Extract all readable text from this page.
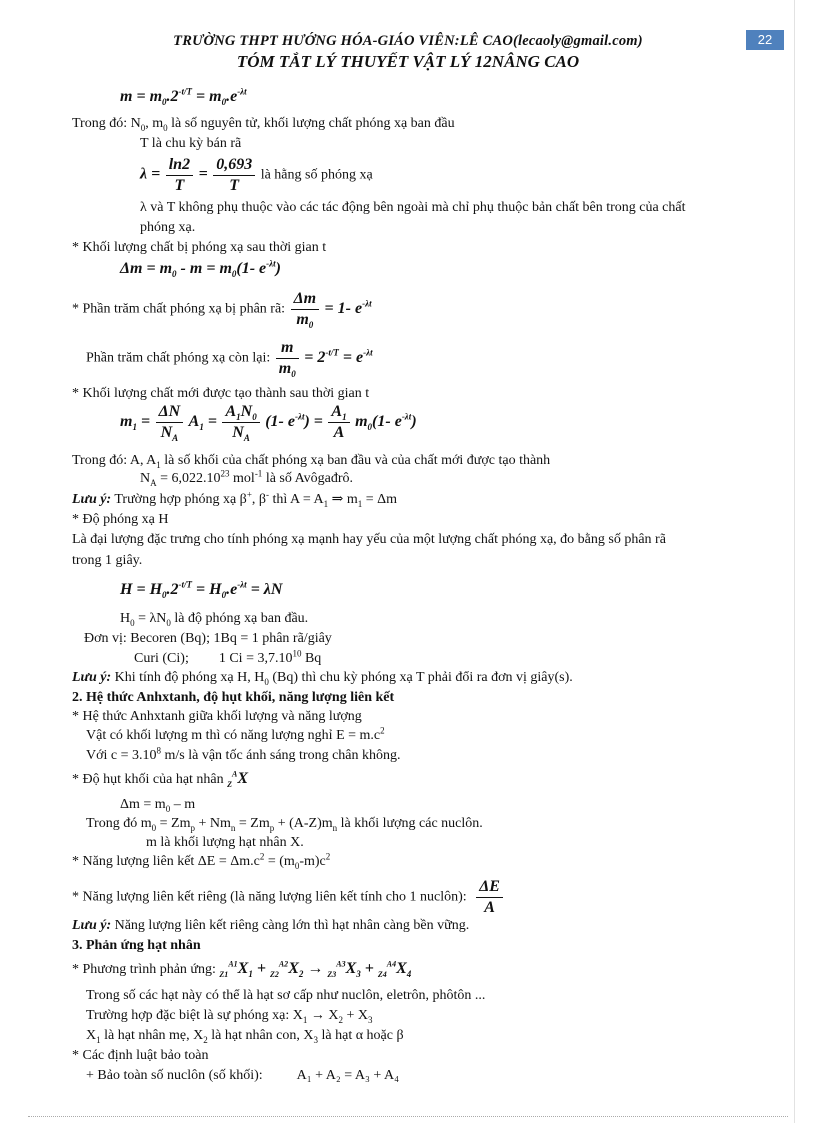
TRƯỜNG THPT HƯỚNG HÓA-GIÁO VIÊN:LÊ CAO(lecaoly@gmail.com)
TÓM TẮT LÝ THUYẾT VẬT LÝ 12NÂNG CAO
22
$m = m_0.2^{-t/T} = m_0.e^{-\lambda t}$
Trong đó: $N_0$, $m_0$ là số nguyên tử, khối lượng chất phóng xạ ban đầu
T là chu kỳ bán rã
$\lambda = \frac{\ln 2}{T} = \frac{0,693}{T}$ là hằng số phóng xạ
λ và T không phụ thuộc vào các tác động bên ngoài mà chỉ phụ thuộc bản chất bên trong của chất
phóng xạ.
* Khối lượng chất bị phóng xạ sau thời gian t
$\Delta m = m_0 - m = m_0(1-$ $e^{-\lambda t}$)
* Phần trăm chất phóng xạ bị phân rã: $\frac{\Delta m}{m_0} = 1-$ $e^{-\lambda t}$
Phần trăm chất phóng xạ còn lại: $\frac{m}{m_0} = 2^{-t/T} = e^{-\lambda t}$
* Khối lượng chất mới được tạo thành sau thời gian t
$m_1 = \frac{\Delta N}{N_A} A_1 = \frac{A_1N_0}{N_A} (1-$ $e^{-\lambda t}) = \frac{A_1}{A} m_0(1-$ $e^{-\lambda t}$)
Trong đó: A, $A_1$ là số khối của chất phóng xạ ban đầu và của chất mới được tạo thành
$N_A = 6,022.10^{23}$ mol$^{-1}$ là số Avôgađrô.
Lưu ý: Trường hợp phóng xạ β+, β- thì $A = A_1$ ⇒ $m_1 = \Delta m$
* Độ phóng xạ H
Là đại lượng đặc trưng cho tính phóng xạ mạnh hay yếu của một lượng chất phóng xạ, đo bằng số phân rã
trong 1 giây.
$H = H_0.2^{-t/T} = H_0.e^{-\lambda t} = \lambda N$
$H_0 = \lambda N_0$ là độ phóng xạ ban đầu.
Đơn vị: Becoren (Bq); 1Bq = 1 phân rã/giây
Curi (Ci); 1 $Ci = 3,7.10^{10}$ Bq
Lưu ý: Khi tính độ phóng xạ H, $H_0$ (Bq) thì chu kỳ phóng xạ T phải đổi ra đơn vị giây(s).
2. Hệ thức Anhxtanh, độ hụt khối, năng lượng liên kết
* Hệ thức Anhxtanh giữa khối lượng và năng lượng
Vật có khối lượng m thì có năng lượng nghỉ $E = m.c^2$
Với $c = 3.10^8$ m/s là vận tốc ánh sáng trong chân không.
* Độ hụt khối của hạt nhân $_Z^A$X
$\Delta m = m_0 - m$
Trong đó $m_0 = Zm_p + Nm_n = Zm_p + (A-Z)m_n$ là khối lượng các nuclôn.
m là khối lượng hạt nhân X.
* Năng lượng liên kết $\Delta E = \Delta m.c^2 = (m_0-m)c^2$
* Năng lượng liên kết riêng (là năng lượng liên kết tính cho 1 nuclôn): $\frac{\Delta E}{A}$
Lưu ý: Năng lượng liên kết riêng càng lớn thì hạt nhân càng bền vững.
3. Phản ứng hạt nhân
* Phương trình phản ứng: $_{Z1}^{A1}X_1 + _{Z2}^{A2}X_2 \to _{Z3}^{A3}X_3 + _{Z4}^{A4}X_4$
Trong số các hạt này có thể là hạt sơ cấp như nuclôn, eletrôn, phôtôn ...
Trường hợp đặc biệt là sự phóng xạ: $X_1 \to X_2 + X_3$
$X_1$ là hạt nhân mẹ, $X_2$ là hạt nhân con, $X_3$ là hạt α hoặc β
* Các định luật bảo toàn
+ Bảo toàn số nuclôn (số khối): A₁ + A₂ = A₃ + A₄
